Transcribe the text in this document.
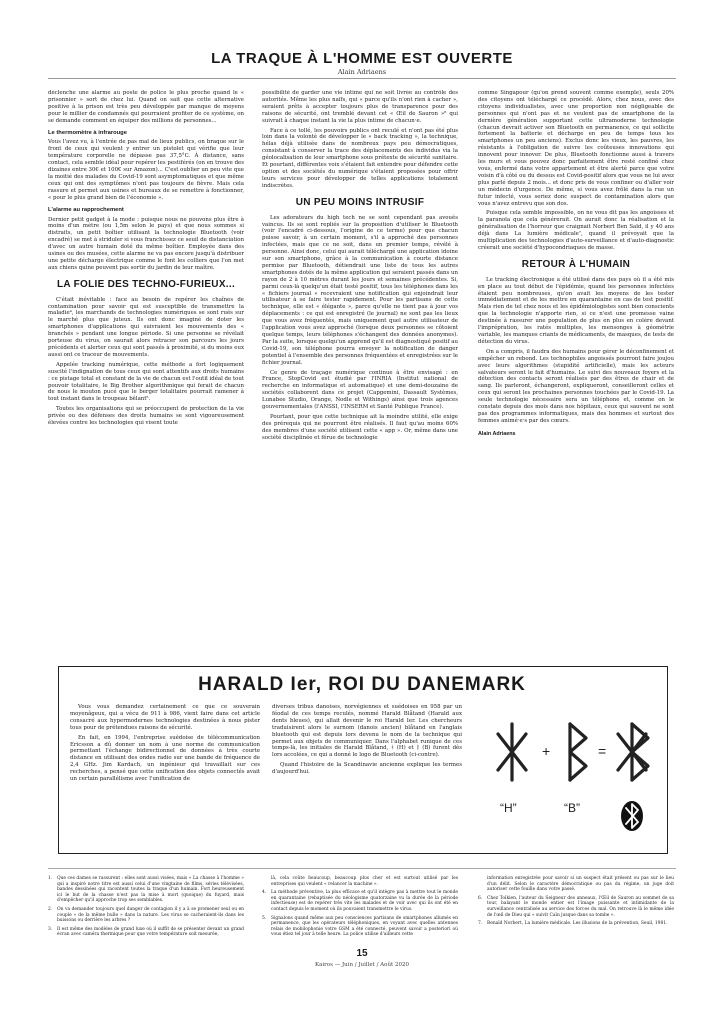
LA TRAQUE À L'HOMME EST OUVERTE
Alain Adriaens

déclenche une alarme au poste de police le plus proche quand le « prisonnier » sort de chez lui. Quand on sait que cette alternative positive à la prison est très peu développée par manque de moyens pour le millier de condamnés qui pourraient profiter de ce système, on se demande comment en équiper des millions de personnes...

Le thermomètre à infrarouge

Vous l'avez vu, à l'entrée de pas mal de lieux publics, on braque sur le front de ceux qui veulent y entrer un pistolet qui vérifie que leur température corporelle ne dépasse pas 37,5°C. À distance, sans contact, cela semble idéal pour repérer les pestiférés (on en trouve des dizaines entre 30€ et 100€ sur Amazon)... C'est oublier un peu vite que la moitié des malades du Covid-19 sont asymptomatiques et que même ceux qui ont des symptômes n'ont pas toujours de fièvre. Mais cela rassure et permet aux usines et bureaux de se remettre à fonctionner, « pour le plus grand bien de l'économie ».

L'alarme au rapprochement

Dernier petit gadget à la mode : puisque nous ne pouvons plus être à moins d'un mètre (ou 1,5m selon le pays) et que nous sommes si distraits, un petit boîtier utilisant la technologie Bluetooth (voir encadré) se met à striduler si vous franchissez ce seuil de distanciation d'avec un autre humain doté du même boîtier. Employée dans des usines ou des musées, cette alarme ne va pas encore jusqu'à distribuer une petite décharge électrique comme le font les colliers que l'on met aux chiens quine peuvent pas sortir du jardin de leur maître.

LA FOLIE DES TECHNO-FURIEUX...

C'était inévitable : face au besoin de repérer les chaînes de contamination pour savoir qui est susceptible de transmettre la maladie⁴, les marchands de technologies numériques se sont rués sur le marché plus que juteux. Ils ont donc imaginé de doter les smartphones d'applications qui suivraient les mouvements des « branchés » pendant une longue période. Si une personne se révélait porteuse du virus, on saurait alors retracer son parcours les jours précédents et alerter ceux qui sont passés à proximité, si du moins eux aussi ont ce traceur de mouvements.

Appelée tracking numérique, cette méthode a fort logiquement suscité l'indignation de tous ceux qui sont attentifs aux droits humains : ce pistage total et constant de la vie de chacun est l'outil idéal de tout pouvoir totalitaire, le Big Brother algorithmique qui ferait de chacun de nous le mouton pucé que le berger totalitaire pourrait ramener à tout instant dans le troupeau bêlant⁵.

Toutes les organisations qui se préoccupent de protection de la vie privée ou des défenses des droits humains se sont vigoureusement élevées contre les technologies qui visent toute

possibilité de garder une vie intime qui ne soit livrée au contrôle des autorités. Même les plus naïfs, qui « parce qu'ils n'ont rien à cacher », seraient prêts à accepter toujours plus de transparence pour des raisons de sécurité, ont tremblé devant cet « Œil de Sauron »⁶ qui suivrait à chaque instant la vie la plus intime de chacun·e.

Face à ce tollé, les pouvoirs publics ont reculé et n'ont pas été plus loin dans la volonté de développer le « back tracking », la technique, hélas déjà utilisée dans de nombreux pays peu démocratiques, consistant à conserver la trace des déplacements des individus via la géolocalisation de leur smartphone sous prétexte de sécurité sanitaire. Et pourtant, différentes voix s'étaient fait entendre pour défendre cette option et des sociétés du numérique s'étaient proposées pour offrir leurs services pour développer de telles applications totalement indiscrètes.

UN PEU MOINS INTRUSIF

Les adorateurs du high tech ne se sont cependant pas avoués vaincus. Ils se sont repliés sur la proposition d'utiliser le Bluetooth (voir l'encadré ci-dessous, l'origine de ce terme) pour que chacun puisse savoir, à un certain moment, s'il a approché des personnes infectées, mais que ce ne soit, dans un premier temps, révélé à personne. Ainsi donc, celui qui aurait téléchargé une application idoine sur son smartphone, grâce à la communication à courte distance permise par Bluetooth, détiendrait une liste de tous les autres smartphones dotés de la même application qui seraient passés dans un rayon de 2 à 10 mètres durant les jours et semaines précédentes. Si, parmi ceux-là quelqu'un était testé positif, tous les téléphones dans les « fichiers journal » recevraient une notification qui enjoindrait leur utilisateur à se faire tester rapidement. Pour les partisans de cette technique, elle est « élégante », parce qu'elle ne tient pas à jour vos déplacements : ce qui est enregistré (le journal) ne sont pas les lieux que vous avez fréquentés, mais uniquement quel autre utilisateur de l'application vous avez approché (lorsque deux personnes se côtoient quelque temps, leurs téléphones s'échangent des données anonymes). Par la suite, lorsque quelqu'un apprend qu'il est diagnostiqué positif au Covid-19, son téléphone pourra envoyer la notification de danger potentiel à l'ensemble des personnes fréquentées et enregistrées sur le fichier journal.

Ce genre de traçage numérique continue à être envisagé : en France, StopCovid est étudié par l'INRIA (Institut national de recherche en informatique et automatique) et une demi-douzaine de sociétés collaborent dans ce projet (Capgemini, Dassault Systèmes, Lunabee Studio, Orange, Nodle et Withings) ainsi que trois agences gouvernementales (l'ANSSI, l'INSERM et Santé Publique France).

Pourtant, pour que cette technique ait la moindre utilité, elle exige des prérequis qui ne pourront être réalisés. Il faut qu'au moins 60% des membres d'une société utilisent cette « app ». Or, même dans une société disciplinée et férue de technologie

comme Singapour (qu'on prend souvent comme exemple), seuls 20% des citoyens ont téléchargé ce procédé. Alors, chez nous, avec des citoyens individualistes, avec une proportion non négligeable de personnes qui n'ont pas et ne veulent pas de smartphone de la dernière génération supportant cette ultramoderne technologie (chacun devrait activer son Bluetooth en permanence, ce qui sollicite fortement la batterie et décharge en peu de temps tous les smartphones un peu anciens). Exclus donc les vieux, les pauvres, les résistants à l'obligation de suivre les coûteuses innovations qui innovent pour innover. De plus, Bluetooth fonctionne aussi à travers les murs et vous pouvez donc parfaitement être resté confiné chez vous, enfermé dans votre appartement et être alerté parce que votre voisin d'à côté ou du dessus est Covid-positif alors que vous ne lui avez plus parlé depuis 2 mois... et donc pris de vous confiner ou d'aller voir un médecin d'urgence. De même, si vous avez frôlé dans la rue un futur infecté, vous seriez donc suspect de contamination alors que vous n'avez entrevu que son dos.

Puisque cela semble impossible, on ne vous dit pas les angoisses et la paranoïa que cela générerait. On aurait donc la réalisation et la généralisation de l'horreur que craignait Norbert Ben Saïd, il y 40 ans déjà dans La lumière médicale⁷, quand il prévoyait que la multiplication des technologies d'auto-surveillance et d'auto-diagnostic créerait une société d'hypocondriaques de masse.

RETOUR À L'HUMAIN

Le tracking électronique a été utilisé dans des pays où il a été mis en place au tout début de l'épidémie, quand les personnes infectées étaient peu nombreuses, qu'on avait les moyens de les tester immédiatement et de les mettre en quarantaine en cas de test positif. Mais rien de tel chez nous et les épidémiologistes sont bien conscients que la technologie n'apporte rien, si ce n'est une promesse vaine destinée à rassurer une population de plus en plus en colère devant l'imprépration, les ratés multiples, les mensonges à géométrie variable, les manques criants de médicaments, de masques, de tests de détection du virus.

On a compris, il faudra des humains pour gérer le déconfinement et empêcher un rebond. Les technophiles angoissés pourront faire joujou avec leurs algorithmes (stupidité artificielle), mais les acteurs salvateurs seront le fait d'humains. Le suivi des nouveaux foyers et la détection des contacts seront réalisés par des êtres de chair et de sang. Ils parleront, échangeront, expliqueront, conseilleront celles et ceux qui seront les prochaines personnes touchées par le Covid-19. La seule technologie nécessaire sera un téléphone et, comme on le constate depuis des mois dans nos hôpitaux, ceux qui sauvent ne sont pas des programmes informatiques, mais des hommes et surtout des femmes animé·e·s par des cœurs.

Alain Adriaens

HARALD Ier, ROI DU DANEMARK

Vous vous demandez certainement ce que ce souverain moyenâgeux, qui a vécu de 911 à 986, vient faire dans cet article consacré aux hypermodernes technologies destinées à nous pister tous pour de prétendues raisons de sécurité.

En fait, en 1994, l'entreprise suédoise de télécommunication Ericsson a dû donner un nom à une norme de communication permettant l'échange bidirectionnel de données à très courte distance en utilisant des ondes radio sur une bande de fréquence de 2,4 GHz. Jim Kardach, un ingénieur qui travaillait sur ces recherches, a pensé que cette unification des objets connectés avait un certain parallélisme avec l'unification de

diverses tribus danoises, norvégiennes et suédoises en 958 par un féodal de ces temps reculés, nommé Harald Blåtand (Harald aux dents bleues), qui allait devenir le roi Harald Ier. Les chercheurs traduisirent alors le surnom (danois ancien) blåtand en l'anglais bluetooth qui est depuis lors devenu le nom de la technique qui permet aux objets de communiquer. Dans l'alphabet runique de ces temps-là, les initiales de Harald Blåtand, ᚼ (H) et ᛒ (B) furent dès lors accolées, ce qui a donné le logo de Bluetooth (ci-contre).

Quand l'histoire de la Scandinavie ancienne explique les termes d'aujourd'hui.

+	=
“H”	“B”
1.	Que ces dames se rassurent : elles sont aussi visées, mais « La chasse à l'homme » qui a inspiré notre titre est aussi celui d'une vingtaine de films, séries télévisées, bandes dessinées qui racontent toutes la traque d'un humain. Fort heureusement ici le but de la chasse n'est pas la mise à mort (quoique) du fuyard, mais d'empêcher qu'il approche trop ses semblables.
2.	On va demander toujours quel danger de contagion il y a à se promener seul ou en couple « de la même bulle » dans la nature. Les virus se cacheraient-ils dans les buissons ou derrière les arbres ?
3.	Il est même des modèles de grand luxe où il suffit de se présenter devant un grand écran avec caméra thermique pour que votre température soit mesurée,
là, cela coûte beaucoup, beaucoup plus cher et est surtout utilisé par les entreprises qui veulent « relancer la machine ».
4.	La méthode préventive, la plus efficace et qu'il intègre pas à mettre tout le monde en quarantaine (rebaptisée du néologisme quatorzaine vu la durée de la période infectieuse) est de repérer très vite les malades et de voir avec qui ils ont été en contact depuis le moment où ils pouvaient transmettre le virus.
5.	Signalons quand même aux peu consciences partisans de smartphones allumés en permanence, que les opérateurs téléphoniques, en voyant avec quelles antennes relais de mobilophonie votre GSM a été connecté, peuvent savoir a posteriori où vous étiez tel jour à telle heure. La police utilise d'ailleurs cette
information enregistrée pour savoir si un suspect était présent ou pas sur le lieu d'un délit. Selon le caractère démocratique ou pas du régime, un juge doit autoriser cette fouille dans votre passé.
6.	Chez Tolkien, l'auteur du Seigneur des anneaux, l'Œil de Sauron au sommet de sa tour, balayant le monde entier est l'image puissante et intimidante de la surveillance centralisée au service des forces du mal. On retrouve là le même idée de l'œil de Dieu qui « suivit Caïn jusque dans sa tombe ».
7.	Benaïd Norbert, La lumière médicale. Les illusions de la prévention, Seuil, 1981.
15
Kairos — Juin / Juillet / Août 2020
